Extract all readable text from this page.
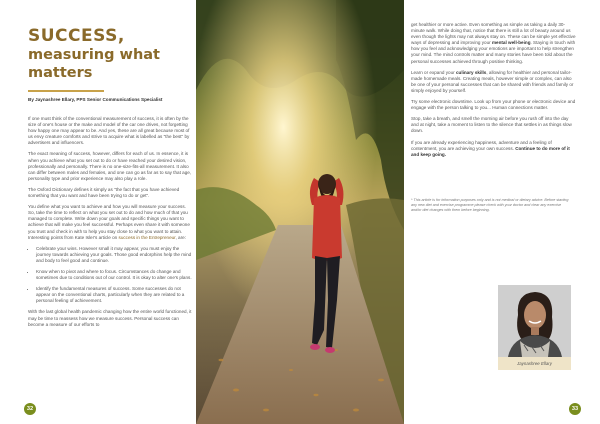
SUCCESS,
measuring what matters
By Jaynashree Ellary, PPS Senior Communications Specialist

If one must think of the conventional measurement of success, it is often by the size of one's house or the make and model of the car one drives, not forgetting how happy one may appear to be. And yes, these are all great because most of us envy creature comforts and strive to acquire what is labelled as "the best" by advertisers and influencers.

The exact meaning of success, however, differs for each of us. In essence, it is when you achieve what you set out to do or have reached your desired vision, professionally and personally. There is no one-size-fits-all measurement. It also can differ between males and females, and one can go as far as to say that age, personality type and prior experience may also play a role.

The Oxford Dictionary defines it simply as "the fact that you have achieved something that you want and have been trying to do or get".

You define what you want to achieve and how you will measure your success. So, take the time to reflect on what you set out to do and how much of that you managed to complete. Write down your goals and specific things you want to achieve that will make you feel successful. Perhaps even share it with someone you trust and check in with to help you stay close to what you want to attain. Interesting points from Kate Isler's article on success in the Entrepreneur, are:

• Celebrate your wins. However small it may appear, you must enjoy the journey towards achieving your goals. Those good endorphins help the mind and body to feel good and continue.
• Know when to pivot and where to focus. Circumstances do change and sometimes due to conditions out of our control. It is okay to alter one's plans.
• Identify the fundamental measures of success. Some successes do not appear on the conventional charts, particularly when they are related to a personal feeling of achievement.

With the last global health pandemic changing how the entire world functioned, it may be time to reassess how we measure success. Personal success can become a measure of our efforts to

32

get healthier or more active. Even something as simple as taking a daily 30-minute walk. While doing that, notice that there is still a lot of beauty around us even though the lights may not always stay on. These can be simple yet effective ways of depressing and improving your mental well-being. Staying in touch with how you feel and acknowledging your emotions are important to help strengthen your mind. The mind controls matter and many stories have been told about the personal successes achieved through positive thinking.

Learn or expand your culinary skills, allowing for healthier and personal tailor-made homemade meals. Creating meals, however simple or complex, can also be one of your personal successes that can be shared with friends and family or simply enjoyed by yourself.

Try some electronic downtime. Look up from your phone or electronic device and engage with the person talking to you... Human connections matter.

Stop, take a breath, and smell the morning air before you rush off into the day and at night, take a moment to listen to the silence that settles in as things slow down.

If you are already experiencing happiness, adventure and a feeling of contentment, you are achieving your own success. Continue to do more of it and keep going.

* This article is for information purposes only and is not medical or dietary advice. Before starting any new diet and exercise programme please check with your doctor and clear any exercise and/or diet changes with them before beginning.
Jaynashree Ellary
33
